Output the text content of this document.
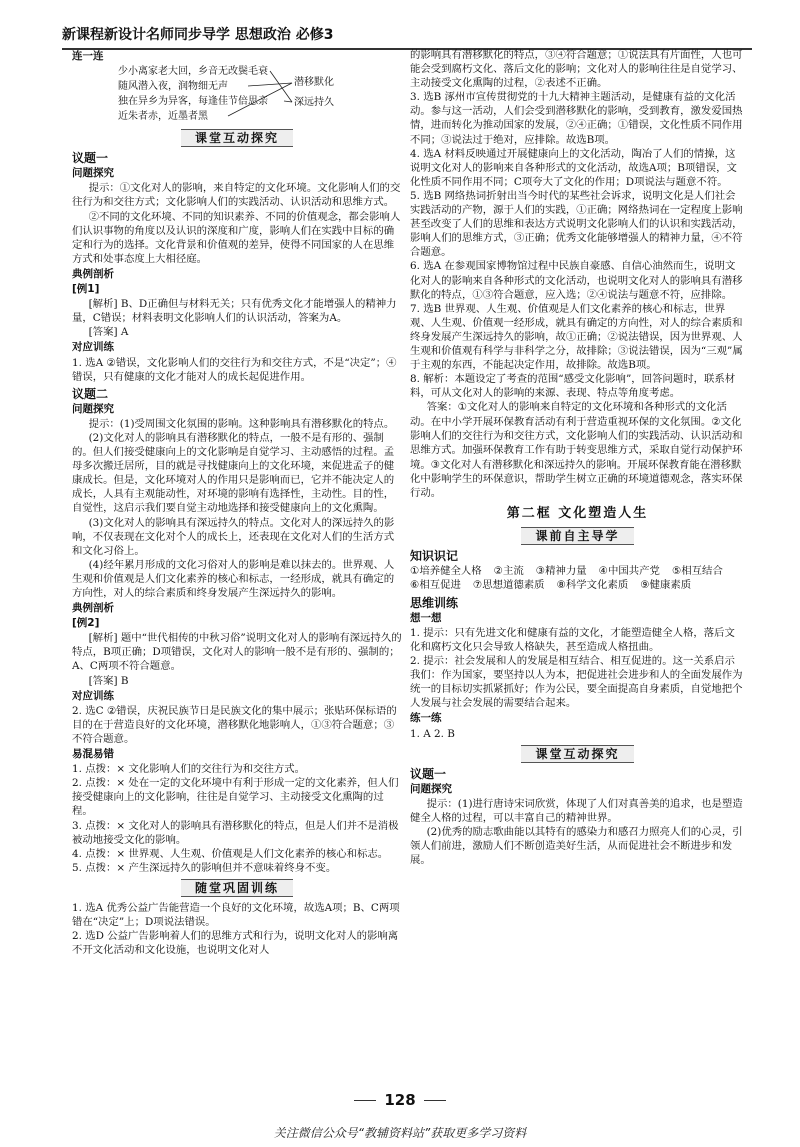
新课程新设计名师同步导学 思想政治 必修3
连一连
少小离家老大回，乡音无改鬓毛衰
随风潜入夜，润物细无声
独在异乡为异客，每逢佳节倍思亲
近朱者赤，近墨者黑
潜移默化
深远持久
课堂互动探究
议题一
问题探究

提示：①文化对人的影响，来自特定的文化环境。文化影响人们的交往行为和交往方式；文化影响人们的实践活动、认识活动和思维方式。

②不同的文化环境、不同的知识素养、不同的价值观念，都会影响人们认识事物的角度以及认识的深度和广度，影响人们在实践中目标的确定和行为的选择。文化背景和价值观的差异，使得不同国家的人在思维方式和处事态度上大相径庭。

典例剖析
[例1]

[解析] B、D正确但与材料无关；只有优秀文化才能增强人的精神力量，C错误；材料表明文化影响人们的认识活动，答案为A。

[答案] A

对应训练

1. 选A ②错误，文化影响人们的交往行为和交往方式，不是“决定”；④错误，只有健康的文化才能对人的成长起促进作用。

议题二
问题探究

提示：(1)受周围文化氛围的影响。这种影响具有潜移默化的特点。

(2)文化对人的影响具有潜移默化的特点，一般不是有形的、强制的。但人们接受健康向上的文化影响是自觉学习、主动感悟的过程。孟母多次搬迁居所，目的就是寻找健康向上的文化环境，来促进孟子的健康成长。但是，文化环境对人的作用只是影响而已，它并不能决定人的成长，人具有主观能动性，对环境的影响有选择性，主动性。目的性，自觉性，这启示我们要自觉主动地选择和接受健康向上的文化熏陶。

(3)文化对人的影响具有深远持久的特点。文化对人的深远持久的影响，不仅表现在文化对个人的成长上，还表现在文化对人们的生活方式和文化习俗上。

(4)经年累月形成的文化习俗对人的影响是难以抹去的。世界观、人生观和价值观是人们文化素养的核心和标志，一经形成，就具有确定的方向性，对人的综合素质和终身发展产生深远持久的影响。

典例剖析
[例2]

[解析] 题中“世代相传的中秋习俗”说明文化对人的影响有深远持久的特点，B项正确；D项错误，文化对人的影响一般不是有形的、强制的；A、C两项不符合题意。

[答案] B

对应训练

2. 选C ②错误，庆祝民族节日是民族文化的集中展示；张贴环保标语的目的在于营造良好的文化环境，潜移默化地影响人，①③符合题意；③不符合题意。

易混易错

1. 点拨：× 文化影响人们的交往行为和交往方式。

2. 点拨：× 处在一定的文化环境中有利于形成一定的文化素养，但人们接受健康向上的文化影响，往往是自觉学习、主动接受文化熏陶的过程。

3. 点拨：× 文化对人的影响具有潜移默化的特点，但是人们并不是消极被动地接受文化的影响。

4. 点拨：× 世界观、人生观、价值观是人们文化素养的核心和标志。

5. 点拨：× 产生深远持久的影响但并不意味着终身不变。

随堂巩固训练

1. 选A 优秀公益广告能营造一个良好的文化环境，故选A项；B、C两项错在“决定”上；D项说法错误。

2. 选D 公益广告影响着人们的思维方式和行为，说明文化对人的影响离不开文化活动和文化设施，也说明文化对人

的影响具有潜移默化的特点，③④符合题意；①说法具有片面性，人也可能会受到腐朽文化、落后文化的影响；文化对人的影响往往是自觉学习、主动接受文化熏陶的过程，②表述不正确。

3. 选B 涿州市宣传贯彻党的十九大精神主题活动，是健康有益的文化活动。参与这一活动，人们会受到潜移默化的影响，受到教育，激发爱国热情，进而转化为推动国家的发展，②④正确；①错误，文化性质不同作用不同；③说法过于绝对，应排除。故选B项。

4. 选A 材料反映通过开展健康向上的文化活动，陶冶了人们的情操，这说明文化对人的影响来自各种形式的文化活动，故选A项；B项错误，文化性质不同作用不同；C项夸大了文化的作用；D项说法与题意不符。

5. 选B 网络热词折射出当今时代的某些社会诉求，说明文化是人们社会实践活动的产物，源于人们的实践，①正确；网络热词在一定程度上影响甚至改变了人们的思维和表达方式说明文化影响人们的认识和实践活动，影响人们的思维方式，③正确；优秀文化能够增强人的精神力量，④不符合题意。

6. 选A 在参观国家博物馆过程中民族自豪感、自信心油然而生，说明文化对人的影响来自各种形式的文化活动，也说明文化对人的影响具有潜移默化的特点，①③符合题意，应入选；②④说法与题意不符，应排除。

7. 选B 世界观、人生观、价值观是人们文化素养的核心和标志，世界观、人生观、价值观一经形成，就具有确定的方向性，对人的综合素质和终身发展产生深远持久的影响，故①正确；②说法错误，因为世界观、人生观和价值观有科学与非科学之分，故排除；③说法错误，因为“三观”属于主观的东西，不能起决定作用，故排除。故选B项。

8. 解析：本题设定了考查的范围“感受文化影响”，回答问题时，联系材料，可从文化对人的影响的来源、表现、特点等角度考虑。

答案：①文化对人的影响来自特定的文化环境和各种形式的文化活动。在中小学开展环保教育活动有利于营造重视环保的文化氛围。②文化影响人们的交往行为和交往方式，文化影响人们的实践活动、认识活动和思维方式。加强环保教育工作有助于转变思维方式，采取自觉行动保护环境。③文化对人有潜移默化和深远持久的影响。开展环保教育能在潜移默化中影响学生的环保意识，帮助学生树立正确的环境道德观念，落实环保行动。

第二框 文化塑造人生
课前自主导学
知识识记
①培养健全人格 ②主流 ③精神力量 ④中国共产党 ⑤相互结合
⑥相互促进 ⑦思想道德素质 ⑧科学文化素质 ⑨健康素质
思维训练
想一想

1. 提示：只有先进文化和健康有益的文化，才能塑造健全人格，落后文化和腐朽文化只会导致人格缺失，甚至造成人格扭曲。

2. 提示：社会发展和人的发展是相互结合、相互促进的。这一关系启示我们：作为国家，要坚持以人为本，把促进社会进步和人的全面发展作为统一的目标切实抓紧抓好；作为公民，要全面提高自身素质，自觉地把个人发展与社会发展的需要结合起来。

练一练

1. A 2. B

课堂互动探究
议题一
问题探究

提示：(1)进行唐诗宋词欣赏，体现了人们对真善美的追求，也是塑造健全人格的过程，可以丰富自己的精神世界。

(2)优秀的励志歌曲能以其特有的感染力和感召力照亮人们的心灵，引领人们前进，激励人们不断创造美好生活，从而促进社会不断进步和发展。

128
关注微信公众号“教辅资料站”获取更多学习资料
